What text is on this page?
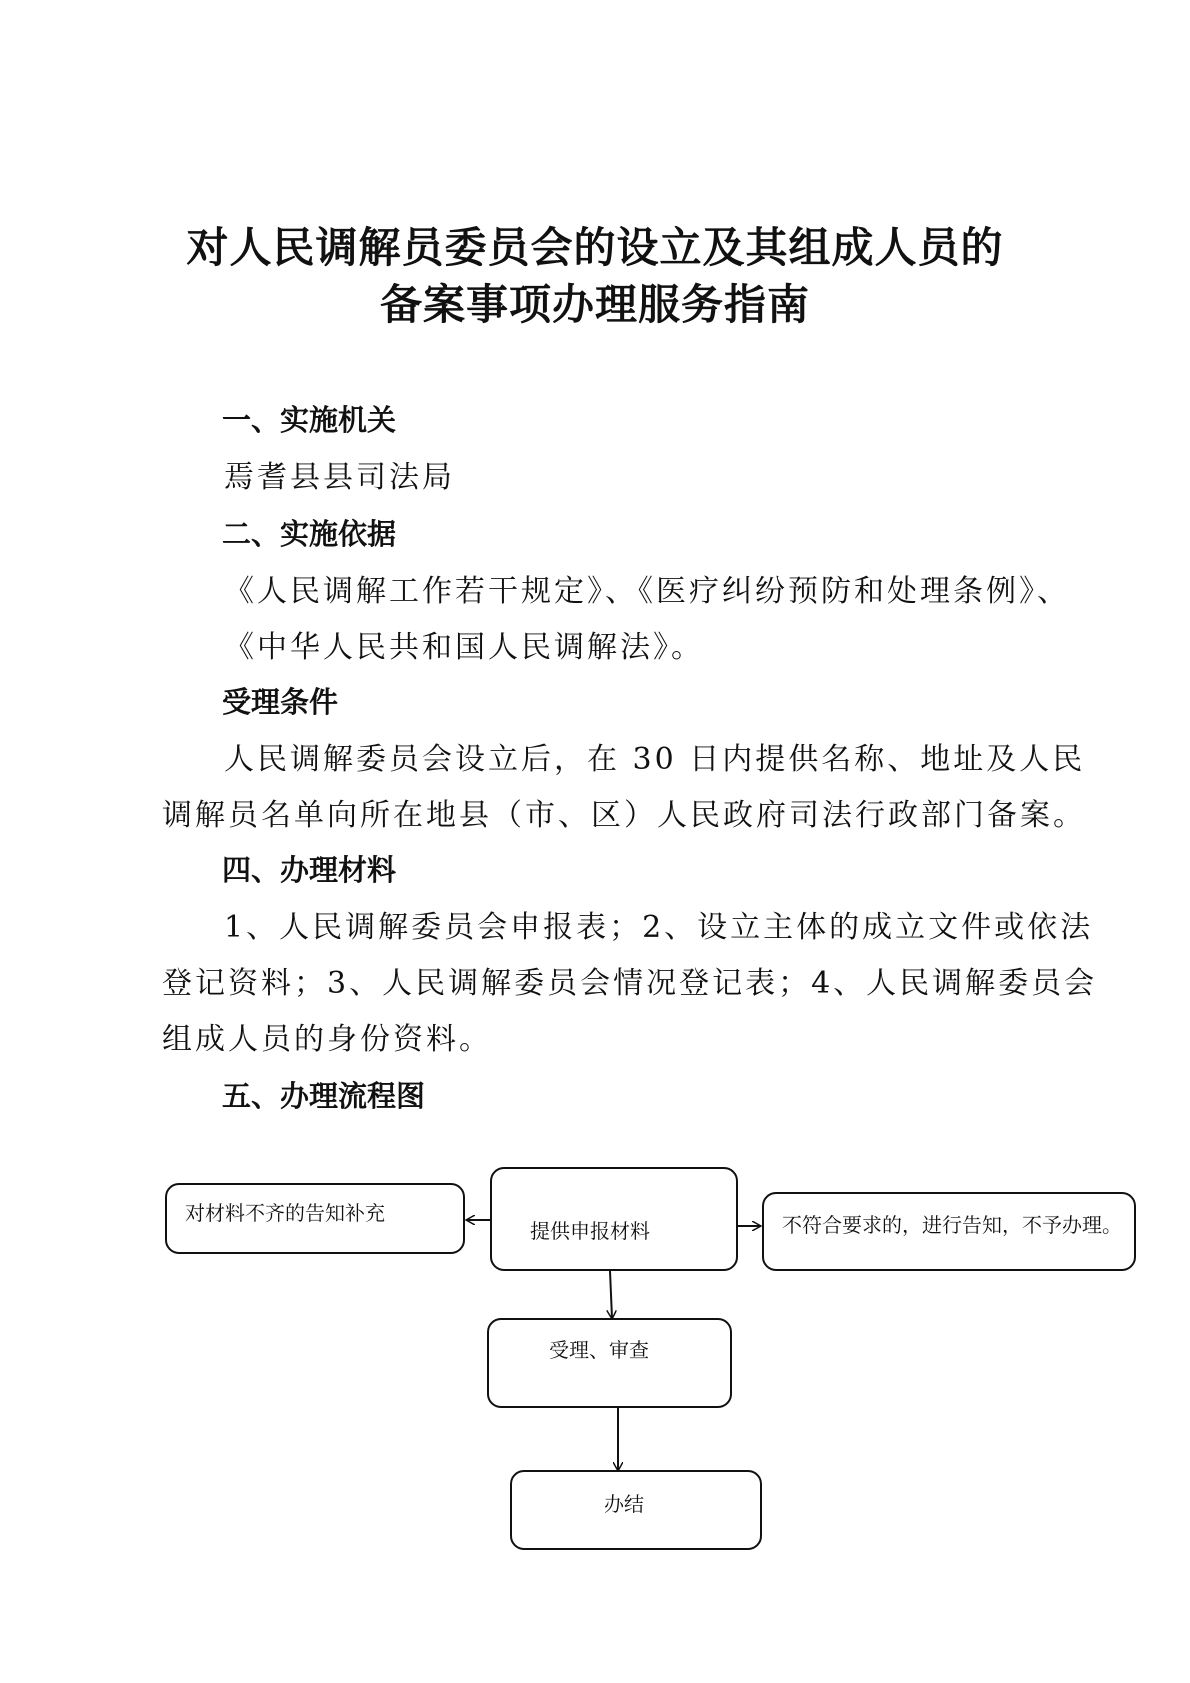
对人民调解员委员会的设立及其组成人员的
备案事项办理服务指南
一、实施机关
焉耆县县司法局
二、实施依据
《人民调解工作若干规定》、《医疗纠纷预防和处理条例》、
《中华人民共和国人民调解法》。
受理条件
人民调解委员会设立后，在 30 日内提供名称、地址及人民
调解员名单向所在地县（市、区）人民政府司法行政部门备案。
四、办理材料
1、人民调解委员会申报表；2、设立主体的成立文件或依法
登记资料；3、人民调解委员会情况登记表；4、人民调解委员会
组成人员的身份资料。
五、办理流程图
对材料不齐的告知补充
提供申报材料	不符合要求的，进行告知，不予办理。
受理、审查
办结
